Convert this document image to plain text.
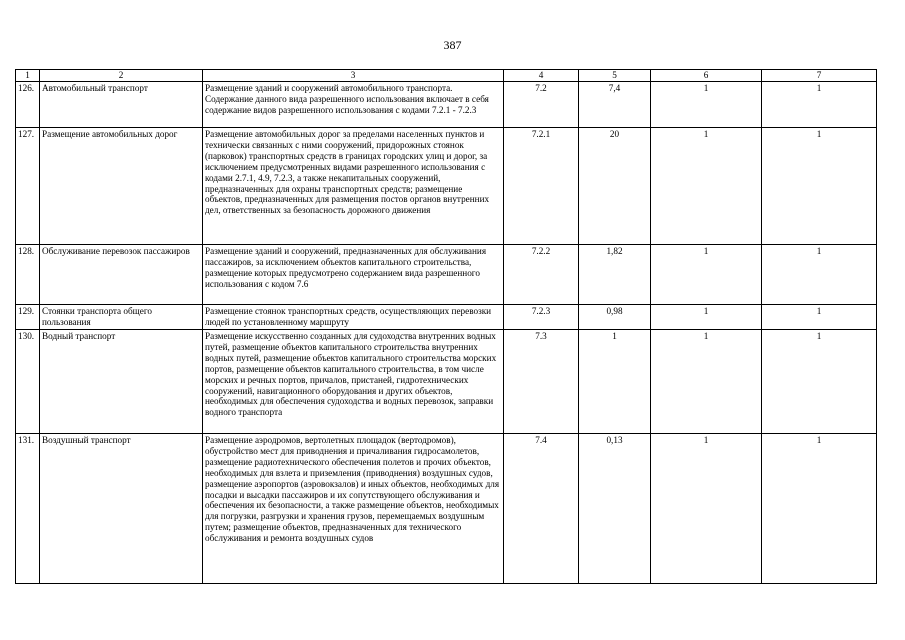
387
1	2	3	4	5	6	7
126.	Автомобильный транспорт	Размещение зданий и сооружений автомобильного транспорта. Содержание данного вида разрешенного использования включает в себя содержание видов разрешенного использования с кодами 7.2.1 - 7.2.3	7.2	7,4	1	1
127.	Размещение автомобильных дорог	Размещение автомобильных дорог за пределами населенных пунктов и технически связанных с ними сооружений, придорожных стоянок (парковок) транспортных средств в границах городских улиц и дорог, за исключением предусмотренных видами разрешенного использования с кодами 2.7.1, 4.9, 7.2.3, а также некапитальных сооружений, предназначенных для охраны транспортных средств; размещение объектов, предназначенных для размещения постов органов внутренних дел, ответственных за безопасность дорожного движения	7.2.1	20	1	1
128.	Обслуживание перевозок пассажиров	Размещение зданий и сооружений, предназначенных для обслуживания пассажиров, за исключением объектов капитального строительства, размещение которых предусмотрено содержанием вида разрешенного использования с кодом 7.6	7.2.2	1,82	1	1
129.	Стоянки транспорта общего пользования	Размещение стоянок транспортных средств, осуществляющих перевозки людей по установленному маршруту	7.2.3	0,98	1	1
130.	Водный транспорт	Размещение искусственно созданных для судоходства внутренних водных путей, размещение объектов капитального строительства внутренних водных путей, размещение объектов капитального строительства морских портов, размещение объектов капитального строительства, в том числе морских и речных портов, причалов, пристаней, гидротехнических сооружений, навигационного оборудования и других объектов, необходимых для обеспечения судоходства и водных перевозок, заправки водного транспорта	7.3	1	1	1
131.	Воздушный транспорт	Размещение аэродромов, вертолетных площадок (вертодромов), обустройство мест для приводнения и причаливания гидросамолетов, размещение радиотехнического обеспечения полетов и прочих объектов, необходимых для взлета и приземления (приводнения) воздушных судов, размещение аэропортов (аэровокзалов) и иных объектов, необходимых для посадки и высадки пассажиров и их сопутствующего обслуживания и обеспечения их безопасности, а также размещение объектов, необходимых для погрузки, разгрузки и хранения грузов, перемещаемых воздушным путем; размещение объектов, предназначенных для технического обслуживания и ремонта воздушных судов	7.4	0,13	1	1
